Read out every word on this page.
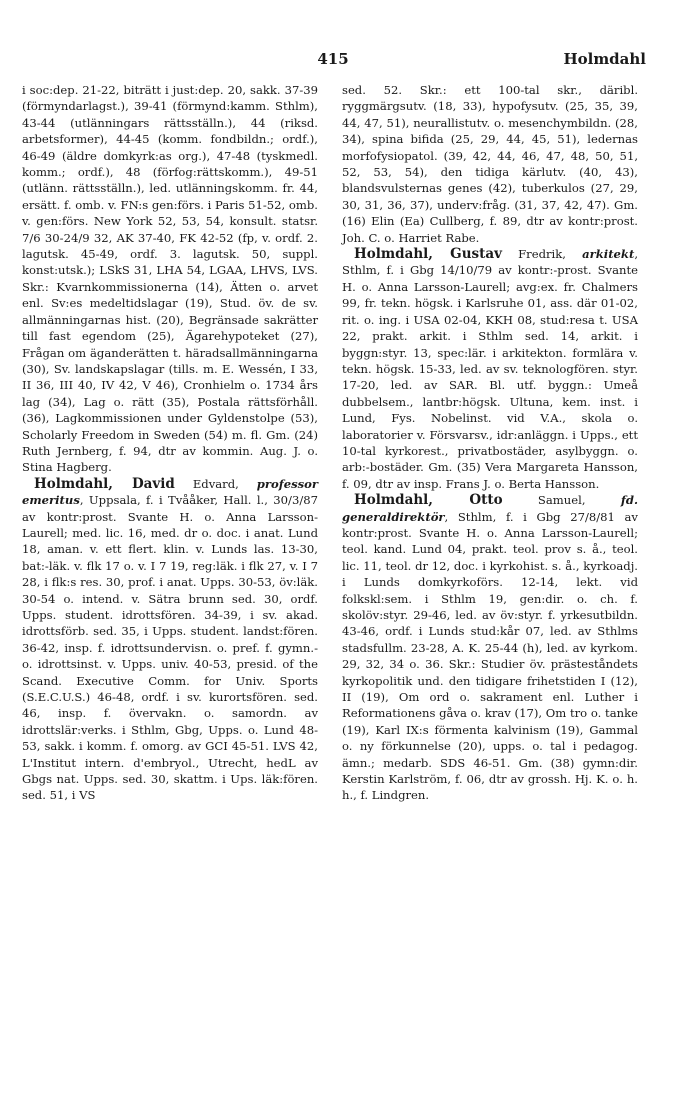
415	Holmdahl

i soc:dep. 21-22, biträtt i just:dep. 20, sakk. 37-39 (förmyndarlagst.), 39-41 (förmynd:kamm. Sthlm), 43-44 (utlänningars rättsställn.), 44 (riksd. arbetsformer), 44-45 (komm. fondbildn.; ordf.), 46-49 (äldre domkyrk:as org.), 47-48 (tyskmedl. komm.; ordf.), 48 (förfog:rättskomm.), 49-51 (utlänn. rättsställn.), led. utlänningskomm. fr. 44, ersätt. f. omb. v. FN:s gen:förs. i Paris 51-52, omb. v. gen:förs. New York 52, 53, 54, konsult. statsr. 7/6 30-24/9 32, AK 37-40, FK 42-52 (fp, v. ordf. 2. lagutsk. 45-49, ordf. 3. lagutsk. 50, suppl. konst:utsk.); LSkS 31, LHA 54, LGAA, LHVS, LVS. Skr.: Kvarnkommissionerna (14), Ätten o. arvet enl. Sv:es medeltidslagar (19), Stud. öv. de sv. allmänningarnas hist. (20), Begränsade sakrätter till fast egendom (25), Ägarehypoteket (27), Frågan om äganderätten t. häradsallmänningarna (30), Sv. landskapslagar (tills. m. E. Wessén, I 33, II 36, III 40, IV 42, V 46), Cronhielm o. 1734 års lag (34), Lag o. rätt (35), Postala rättsförhåll. (36), Lagkommissionen under Gyldenstolpe (53), Scholarly Freedom in Sweden (54) m. fl. Gm. (24) Ruth Jernberg, f. 94, dtr av kommin. Aug. J. o. Stina Hagberg.

Holmdahl, David Edvard, professor emeritus, Uppsala, f. i Tvååker, Hall. l., 30/3/87 av kontr:prost. Svante H. o. Anna Larsson-Laurell; med. lic. 16, med. dr o. doc. i anat. Lund 18, aman. v. ett flert. klin. v. Lunds las. 13-30, bat:-läk. v. flk 17 o. v. I 7 19, reg:läk. i flk 27, v. I 7 28, i flk:s res. 30, prof. i anat. Upps. 30-53, öv:läk. 30-54 o. intend. v. Sätra brunn sed. 30, ordf. Upps. student. idrottsfören. 34-39, i sv. akad. idrottsförb. sed. 35, i Upps. student. landst:fören. 36-42, insp. f. idrottsundervisn. o. pref. f. gymn.- o. idrottsinst. v. Upps. univ. 40-53, presid. of the Scand. Executive Comm. for Univ. Sports (S.E.C.U.S.) 46-48, ordf. i sv. kurortsfören. sed. 46, insp. f. övervakn. o. samordn. av idrottslär:verks. i Sthlm, Gbg, Upps. o. Lund 48-53, sakk. i komm. f. omorg. av GCI 45-51. LVS 42, L'Institut intern. d'embryol., Utrecht, hedL av Gbgs nat. Upps. sed. 30, skattm. i Ups. läk:fören. sed. 51, i VS

sed. 52. Skr.: ett 100-tal skr., däribl. ryggmärgsutv. (18, 33), hypofysutv. (25, 35, 39, 44, 47, 51), neurallistutv. o. mesenchymbildn. (28, 34), spina bifida (25, 29, 44, 45, 51), ledernas morfofysiopatol. (39, 42, 44, 46, 47, 48, 50, 51, 52, 53, 54), den tidiga kärlutv. (40, 43), blandsvulsternas genes (42), tuberkulos (27, 29, 30, 31, 36, 37), underv:fråg. (31, 37, 42, 47). Gm. (16) Elin (Ea) Cullberg, f. 89, dtr av kontr:prost. Joh. C. o. Harriet Rabe.

Holmdahl, Gustav Fredrik, arkitekt, Sthlm, f. i Gbg 14/10/79 av kontr:-prost. Svante H. o. Anna Larsson-Laurell; avg:ex. fr. Chalmers 99, fr. tekn. högsk. i Karlsruhe 01, ass. där 01-02, rit. o. ing. i USA 02-04, KKH 08, stud:resa t. USA 22, prakt. arkit. i Sthlm sed. 14, arkit. i byggn:styr. 13, spec:lär. i arkitekton. formlära v. tekn. högsk. 15-33, led. av sv. teknologfören. styr. 17-20, led. av SAR. Bl. utf. byggn.: Umeå dubbelsem., lantbr:högsk. Ultuna, kem. inst. i Lund, Fys. Nobelinst. vid V.A., skola o. laboratorier v. Försvarsv., idr:anläggn. i Upps., ett 10-tal kyrkorest., privatbostäder, asylbyggn. o. arb:-bostäder. Gm. (35) Vera Margareta Hansson, f. 09, dtr av insp. Frans J. o. Berta Hansson.

Holmdahl, Otto Samuel,	fd. generaldirektör, Sthlm, f. i Gbg 27/8/81 av kontr:prost. Svante H. o. Anna Larsson-Laurell; teol. kand. Lund 04, prakt. teol. prov s. å., teol. lic. 11, teol. dr 12, doc. i kyrkohist. s. å., kyrkoadj. i Lunds domkyrkoförs. 12-14, lekt. vid folkskl:sem. i Sthlm 19, gen:dir. o. ch. f. skolöv:styr. 29-46, led. av öv:styr. f. yrkesutbildn. 43-46, ordf. i Lunds stud:kår 07, led. av Sthlms stadsfullm. 23-28, A. K. 25-44 (h), led. av kyrkom. 29, 32, 34 o. 36. Skr.: Studier öv. prästeståndets kyrkopolitik und. den tidigare frihetstiden I (12), II (19), Om ord o. sakrament enl. Luther i Reformationens gåva o. krav (17), Om tro o. tanke (19), Karl IX:s förmenta kalvinism (19), Gammal o. ny förkunnelse (20), upps. o. tal i pedagog. ämn.; medarb. SDS 46-51. Gm. (38) gymn:dir. Kerstin Karlström, f. 06, dtr av grossh. Hj. K. o. h. h., f. Lindgren.
